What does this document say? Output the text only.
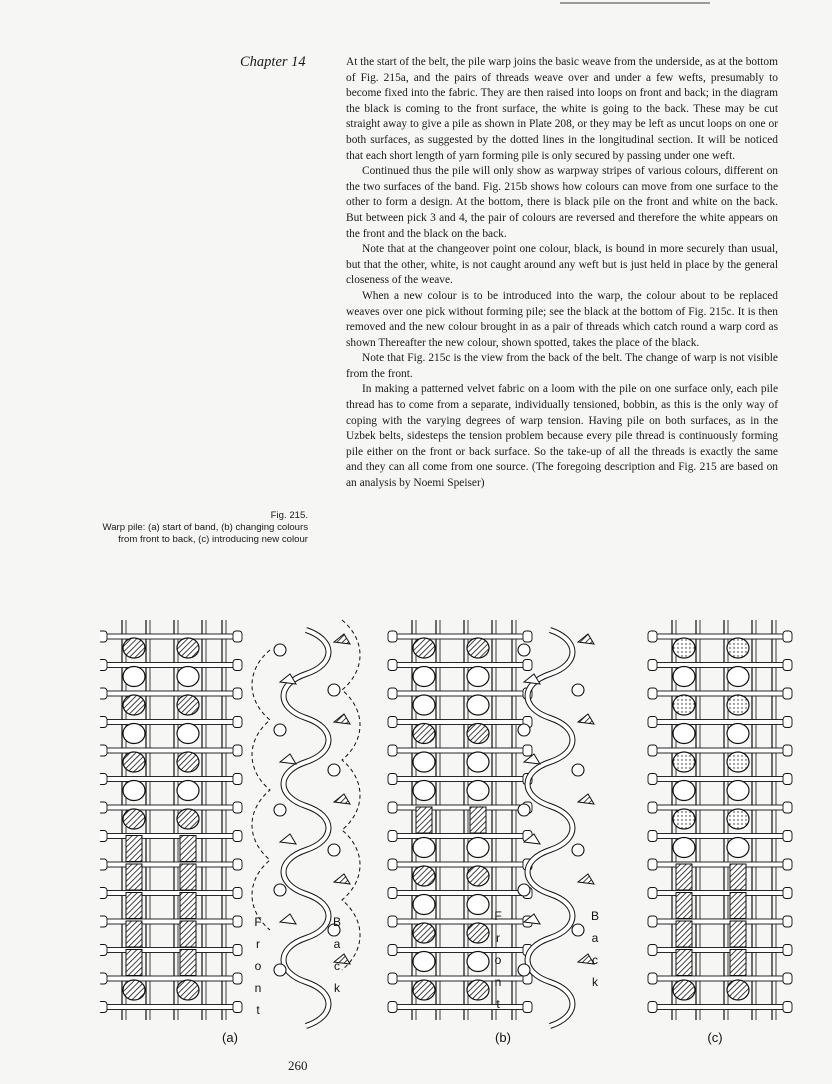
Chapter 14	At the start of the belt, the pile warp joins the basic weave from the underside, as at the bottom of Fig. 215a, and the pairs of threads weave over and under a few wefts, presumably to become fixed into the fabric. They are then raised into loops on front and back; in the diagram the black is coming to the front surface, the white is going to the back. These may be cut straight away to give a pile as shown in Plate 208, or they may be left as uncut loops on one or both surfaces, as suggested by the dotted lines in the longitudinal section. It will be noticed that each short length of yarn forming pile is only secured by passing under one weft.

Continued thus the pile will only show as warpway stripes of various colours, different on the two surfaces of the band. Fig. 215b shows how colours can move from one surface to the other to form a design. At the bottom, there is black pile on the front and white on the back. But between pick 3 and 4, the pair of colours are reversed and therefore the white appears on the front and the black on the back.

Note that at the changeover point one colour, black, is bound in more securely than usual, but that the other, white, is not caught around any weft but is just held in place by the general closeness of the weave.

When a new colour is to be introduced into the warp, the colour about to be replaced weaves over one pick without forming pile; see the black at the bottom of Fig. 215c. It is then removed and the new colour brought in as a pair of threads which catch round a warp cord as shown Thereafter the new colour, shown spotted, takes the place of the black.

Note that Fig. 215c is the view from the back of the belt. The change of warp is not visible from the front.

In making a patterned velvet fabric on a loom with the pile on one surface only, each pile thread has to come from a separate, individually tensioned, bobbin, as this is the only way of coping with the varying degrees of warp tension. Having pile on both surfaces, as in the Uzbek belts, sidesteps the tension problem because every pile thread is continuously forming pile either on the front or back surface. So the take-up of all the threads is exactly the same and they can all come from one source. (The foregoing description and Fig. 215 are based on an analysis by Noemi Speiser)

Fig. 215.
Warp pile: (a) start of band, (b) changing colours from front to back, (c) introducing new colour
(a)	(b)	(c)
F	F
r	r
o	o
n	n
t	t
B	B
a	a
c	c
k	k
260
